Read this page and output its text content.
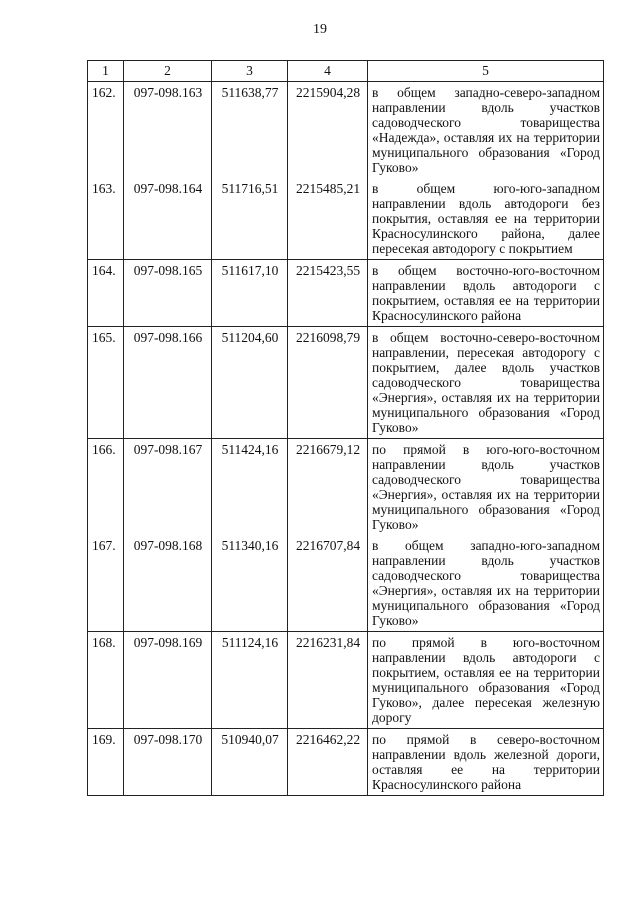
19
1	2	3	4	5
162.	097-098.163	511638,77	2215904,28	в общем западно-северо-западном направлении вдоль участков садоводческого товарищества «Надежда», оставляя их на территории муниципального образования «Город Гуково»
163.	097-098.164	511716,51	2215485,21	в общем юго-юго-западном направлении вдоль автодороги без покрытия, оставляя ее на территории Красносулинского района, далее пересекая автодорогу с покрытием
164.	097-098.165	511617,10	2215423,55	в общем восточно-юго-восточном направлении вдоль автодороги с покрытием, оставляя ее на территории Красносулинского района
165.	097-098.166	511204,60	2216098,79	в общем восточно-северо-восточном направлении, пересекая автодорогу с покрытием, далее вдоль участков садоводческого товарищества «Энергия», оставляя их на территории муниципального образования «Город Гуково»
166.	097-098.167	511424,16	2216679,12	по прямой в юго-юго-восточном направлении вдоль участков садоводческого товарищества «Энергия», оставляя их на территории муниципального образования «Город Гуково»
167.	097-098.168	511340,16	2216707,84	в общем западно-юго-западном направлении вдоль участков садоводческого товарищества «Энергия», оставляя их на территории муниципального образования «Город Гуково»
168.	097-098.169	511124,16	2216231,84	по прямой в юго-восточном направлении вдоль автодороги с покрытием, оставляя ее на территории муниципального образования «Город Гуково», далее пересекая железную дорогу
169.	097-098.170	510940,07	2216462,22	по прямой в северо-восточном направлении вдоль железной дороги, оставляя ее на территории Красносулинского района
